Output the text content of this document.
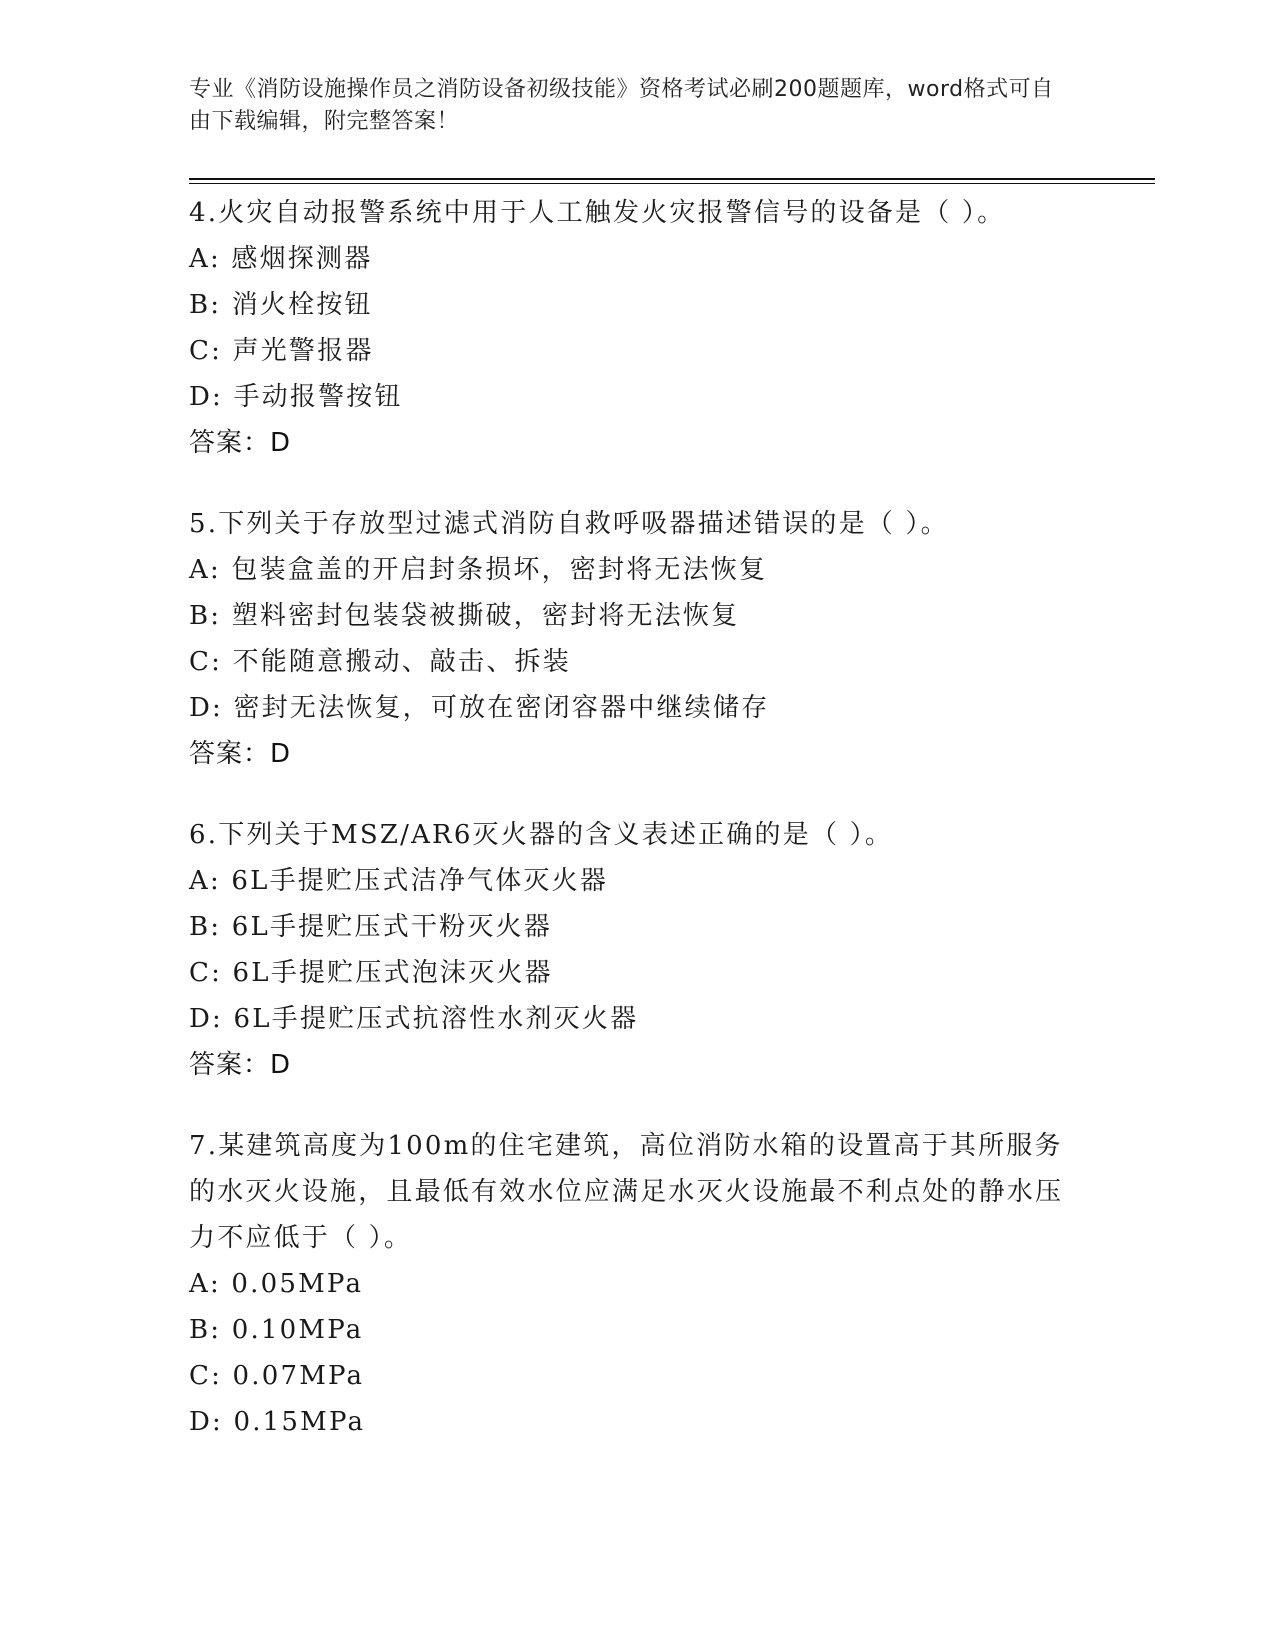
专业《消防设施操作员之消防设备初级技能》资格考试必刷200题题库，word格式可自由下载编辑，附完整答案！
4.火灾自动报警系统中用于人工触发火灾报警信号的设备是（ ）。
A: 感烟探测器
B: 消火栓按钮
C: 声光警报器
D: 手动报警按钮
答案：D
5.下列关于存放型过滤式消防自救呼吸器描述错误的是（ ）。
A: 包装盒盖的开启封条损坏，密封将无法恢复
B: 塑料密封包装袋被撕破，密封将无法恢复
C: 不能随意搬动、敲击、拆装
D: 密封无法恢复，可放在密闭容器中继续储存
答案：D
6.下列关于MSZ/AR6灭火器的含义表述正确的是（ ）。
A: 6L手提贮压式洁净气体灭火器
B: 6L手提贮压式干粉灭火器
C: 6L手提贮压式泡沫灭火器
D: 6L手提贮压式抗溶性水剂灭火器
答案：D
7.某建筑高度为100m的住宅建筑，高位消防水箱的设置高于其所服务的水灭火设施，且最低有效水位应满足水灭火设施最不利点处的静水压力不应低于（ ）。
A: 0.05MPa
B: 0.10MPa
C: 0.07MPa
D: 0.15MPa
